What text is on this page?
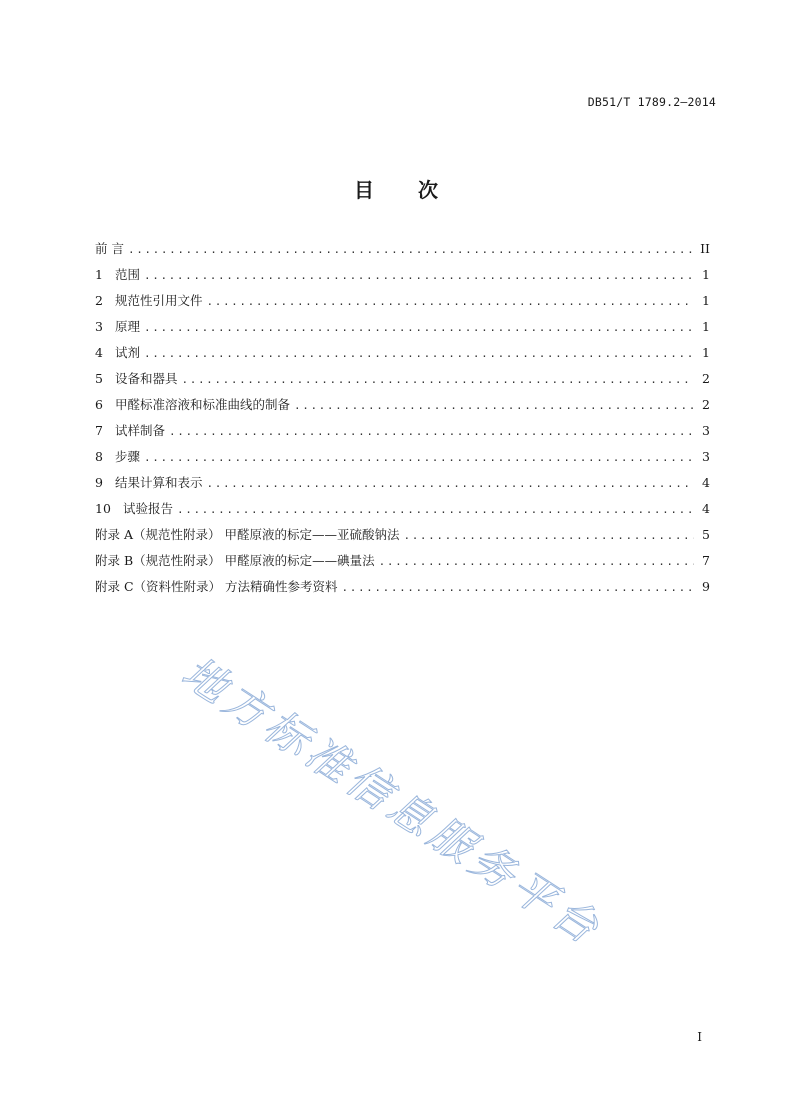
DB51/T 1789.2—2014
目 次
前 言 .....	II
1 范围 .....	1
2 规范性引用文件 .....	1
3 原理 .....	1
4 试剂 .....	1
5 设备和器具 .....	2
6 甲醛标准溶液和标准曲线的制备 .....	2
7 试样制备 .....	3
8 步骤 .....	3
9 结果计算和表示 .....	4
10 试验报告 .....	4
附录 A（规范性附录） 甲醛原液的标定——亚硫酸钠法 .....	5
附录 B（规范性附录） 甲醛原液的标定——碘量法 .....	7
附录 C（资料性附录） 方法精确性参考资料 .....	9
地方标准信息服务平台
I
